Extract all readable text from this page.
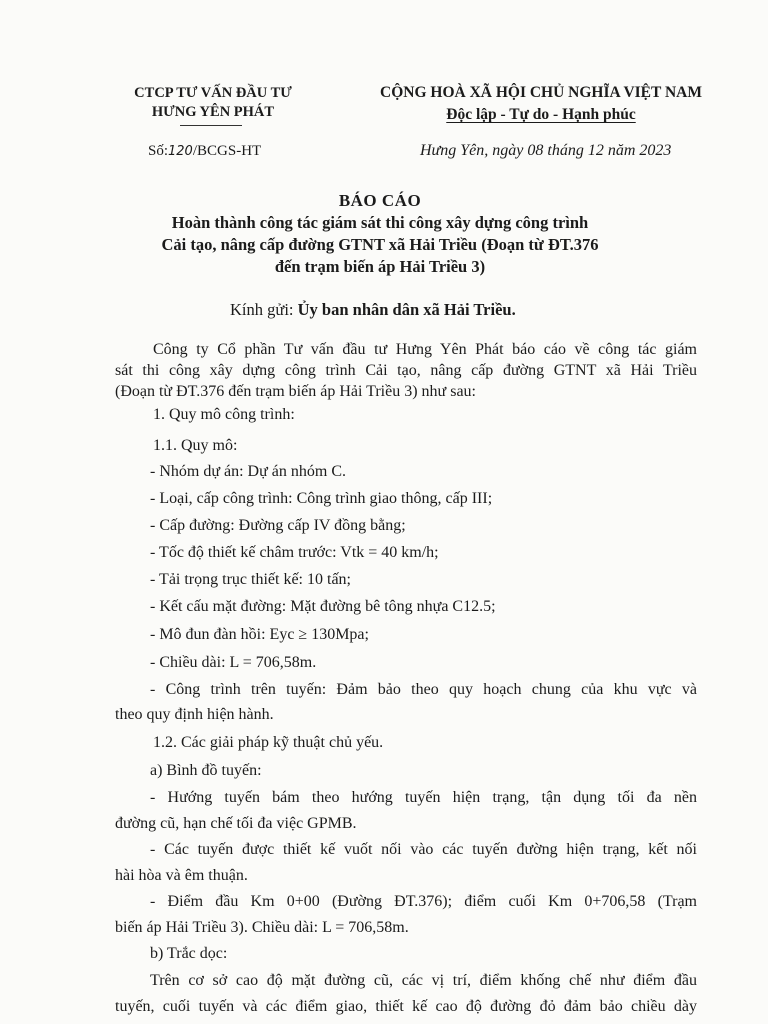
CTCP TƯ VẤN ĐẦU TƯ
HƯNG YÊN PHÁT
CỘNG HOÀ XÃ HỘI CHỦ NGHĨA VIỆT NAM
Độc lập - Tự do - Hạnh phúc
Số:120/BCGS-HT	Hưng Yên, ngày 08 tháng 12 năm 2023
BÁO CÁO
Hoàn thành công tác giám sát thi công xây dựng công trình
Cải tạo, nâng cấp đường GTNT xã Hải Triều (Đoạn từ ĐT.376
đến trạm biến áp Hải Triều 3)
Kính gửi: Ủy ban nhân dân xã Hải Triều.
Công ty Cổ phần Tư vấn đầu tư Hưng Yên Phát báo cáo về công tác giám
sát thi công xây dựng công trình Cải tạo, nâng cấp đường GTNT xã Hải Triều
(Đoạn từ ĐT.376 đến trạm biến áp Hải Triều 3) như sau:
1. Quy mô công trình:
1.1. Quy mô:
- Nhóm dự án: Dự án nhóm C.
- Loại, cấp công trình: Công trình giao thông, cấp III;
- Cấp đường: Đường cấp IV đồng bằng;
- Tốc độ thiết kế châm trước: Vtk = 40 km/h;
- Tải trọng trục thiết kế: 10 tấn;
- Kết cấu mặt đường: Mặt đường bê tông nhựa C12.5;
- Mô đun đàn hồi: Eyc ≥ 130Mpa;
- Chiều dài: L = 706,58m.
- Công trình trên tuyến: Đảm bảo theo quy hoạch chung của khu vực và
theo quy định hiện hành.
1.2. Các giải pháp kỹ thuật chủ yếu.
a) Bình đồ tuyến:
- Hướng tuyến bám theo hướng tuyến hiện trạng, tận dụng tối đa nền
đường cũ, hạn chế tối đa việc GPMB.
- Các tuyến được thiết kế vuốt nối vào các tuyến đường hiện trạng, kết nối
hài hòa và êm thuận.
- Điểm đầu Km 0+00 (Đường ĐT.376); điểm cuối Km 0+706,58 (Trạm
biến áp Hải Triều 3). Chiều dài: L = 706,58m.
b) Trắc dọc:
Trên cơ sở cao độ mặt đường cũ, các vị trí, điểm khống chế như điểm đầu
tuyến, cuối tuyến và các điểm giao, thiết kế cao độ đường đỏ đảm bảo chiều dày
